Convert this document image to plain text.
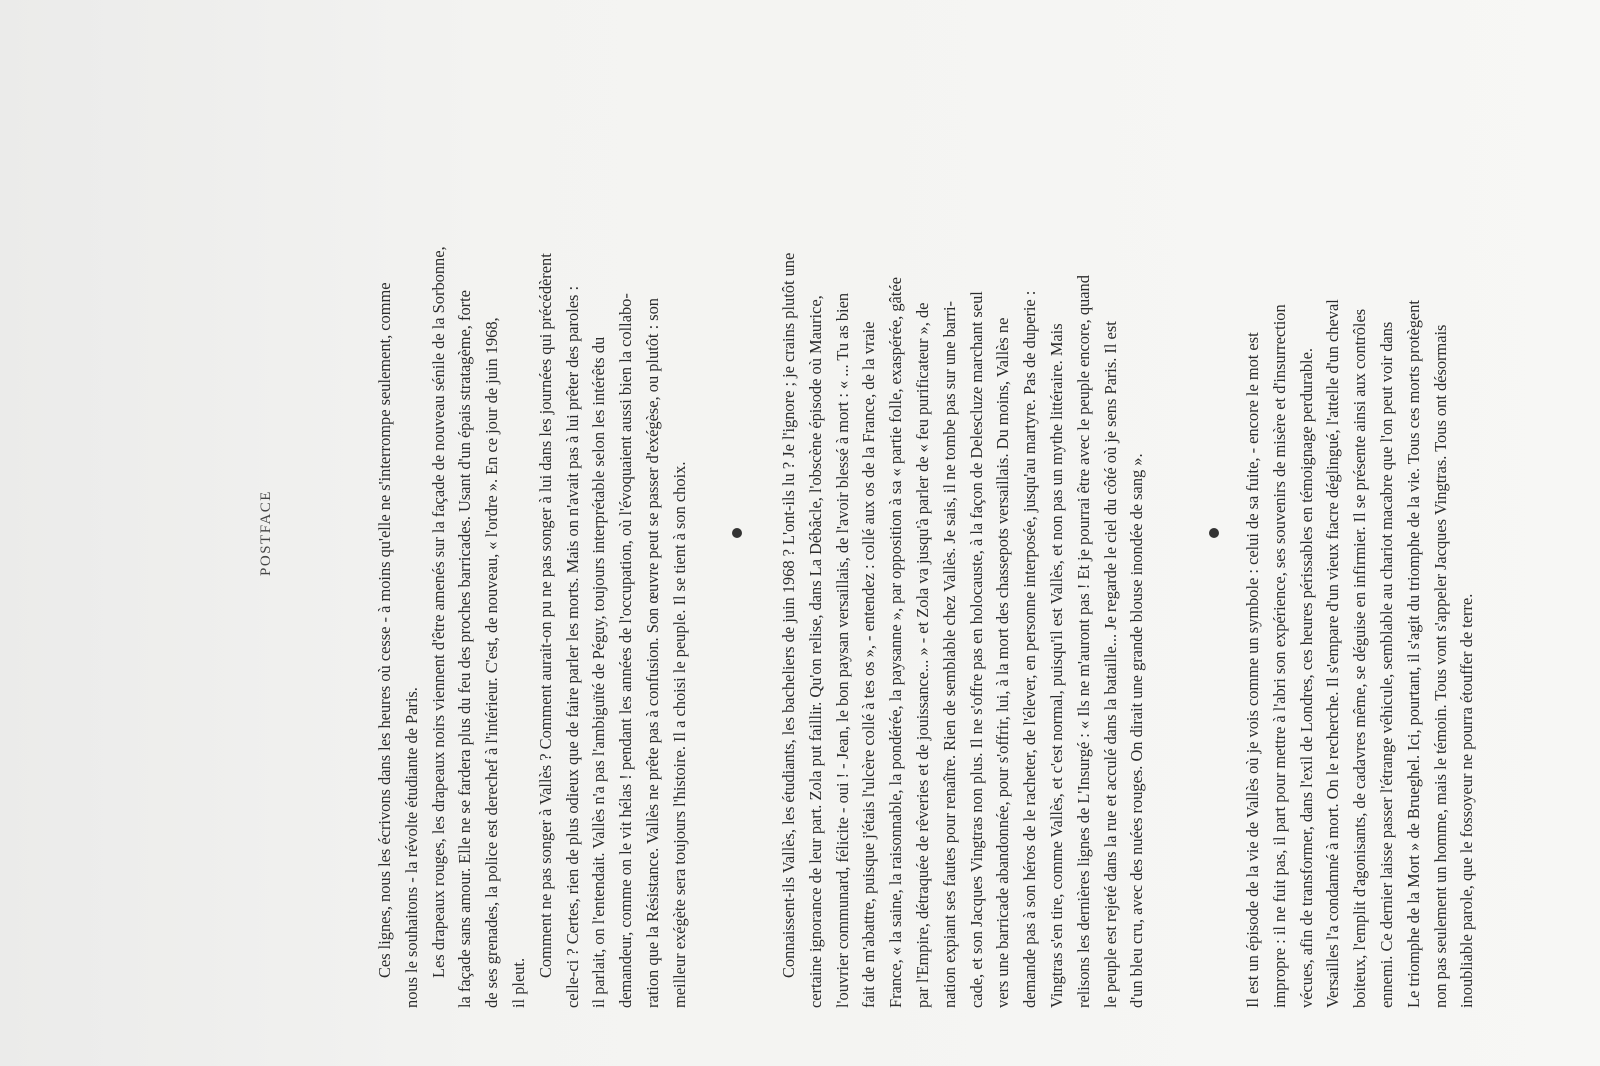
POSTFACE	Ces lignes, nous les écrivons dans les heures où cesse - à moins qu'elle ne s'interrompe seulement, comme nous le souhaitons - la révolte étudiante de Paris. Les drapeaux rouges, les drapeaux noirs viennent d'être amenés sur la façade de nouveau sénile de la Sorbonne, la façade sans amour. Elle ne se fardera plus du feu des proches barricades. Usant d'un épais stratagème, forte de ses grenades, la police est derechef à l'intérieur. C'est, de nouveau, « l'ordre ». En ce jour de juin 1968, il pleut.

Comment ne pas songer à Vallès ? Comment aurait-on pu ne pas songer à lui dans les journées qui précédèrent celle-ci ? Certes, rien de plus odieux que de faire parler les morts. Mais on n'avait pas à lui prêter des paroles : il parlait, on l'entendait. Vallès n'a pas l'ambiguïté de Péguy, toujours interprétable selon les intérêts du demandeur, comme on le vit hélas ! pendant les années de l'occupation, où l'évoquaient aussi bien la collabo- ration que la Résistance. Vallès ne prête pas à confusion. Son œuvre peut se passer d'exégèse, ou plutôt : son meilleur exégète sera toujours l'histoire. Il a choisi le peuple. Il se tient à son choix.	Connaissent-ils Vallès, les étudiants, les bacheliers de juin 1968 ? L'ont-ils lu ? Je l'ignore ; je crains plutôt une certaine ignorance de leur part. Zola put faillir. Qu'on relise, dans La Débâcle, l'obscène épisode où Maurice, l'ouvrier communard, félicite - oui ! - Jean, le bon paysan versaillais, de l'avoir blessé à mort : « ... Tu as bien fait de m'abattre, puisque j'étais l'ulcère collé à tes os », - entendez : collé aux os de la France, de la vraie France, « la saine, la raisonnable, la pondérée, la paysanne », par opposition à sa « partie folle, exaspérée, gâtée par l'Empire, détraquée de rêveries et de jouissance... » - et Zola va jusqu'à parler de « feu purificateur », de nation expiant ses fautes pour renaître. Rien de semblable chez Vallès. Je sais, il ne tombe pas sur une barri- cade, et son Jacques Vingtras non plus. Il ne s'offre pas en holocauste, à la façon de Delescluze marchant seul vers une barricade abandonnée, pour s'offrir, lui, à la mort des chassepots versaillais. Du moins, Vallès ne demande pas à son héros de le racheter, de l'élever, en personne interposée, jusqu'au martyre. Pas de duperie : Vingtras s'en tire, comme Vallès, et c'est normal, puisqu'il est Vallès, et non pas un mythe littéraire. Mais relisons les dernières lignes de L'Insurgé : « Ils ne m'auront pas ! Et je pourrai être avec le peuple encore, quand le peuple est rejeté dans la rue et acculé dans la bataille... Je regarde le ciel du côté où je sens Paris. Il est d'un bleu cru, avec des nuées rouges. On dirait une grande blouse inondée de sang ».	Il est un épisode de la vie de Vallès où je vois comme un symbole : celui de sa fuite, - encore le mot est impropre : il ne fuit pas, il part pour mettre à l'abri son expérience, ses souvenirs de misère et d'insurrection vécues, afin de transformer, dans l'exil de Londres, ces heures périssables en témoignage perdurable. Versailles l'a condamné à mort. On le recherche. Il s'empare d'un vieux fiacre déglingué, l'attelle d'un cheval boiteux, l'emplit d'agonisants, de cadavres même, se déguise en infirmier. Il se présente ainsi aux contrôles ennemi. Ce dernier laisse passer l'étrange véhicule, semblable au chariot macabre que l'on peut voir dans Le triomphe de la Mort » de Brueghel. Ici, pourtant, il s'agit du triomphe de la vie. Tous ces morts protègent non pas seulement un homme, mais le témoin. Tous vont s'appeler Jacques Vingtras. Tous ont désormais inoubliable parole, que le fossoyeur ne pourra étouffer de terre.
